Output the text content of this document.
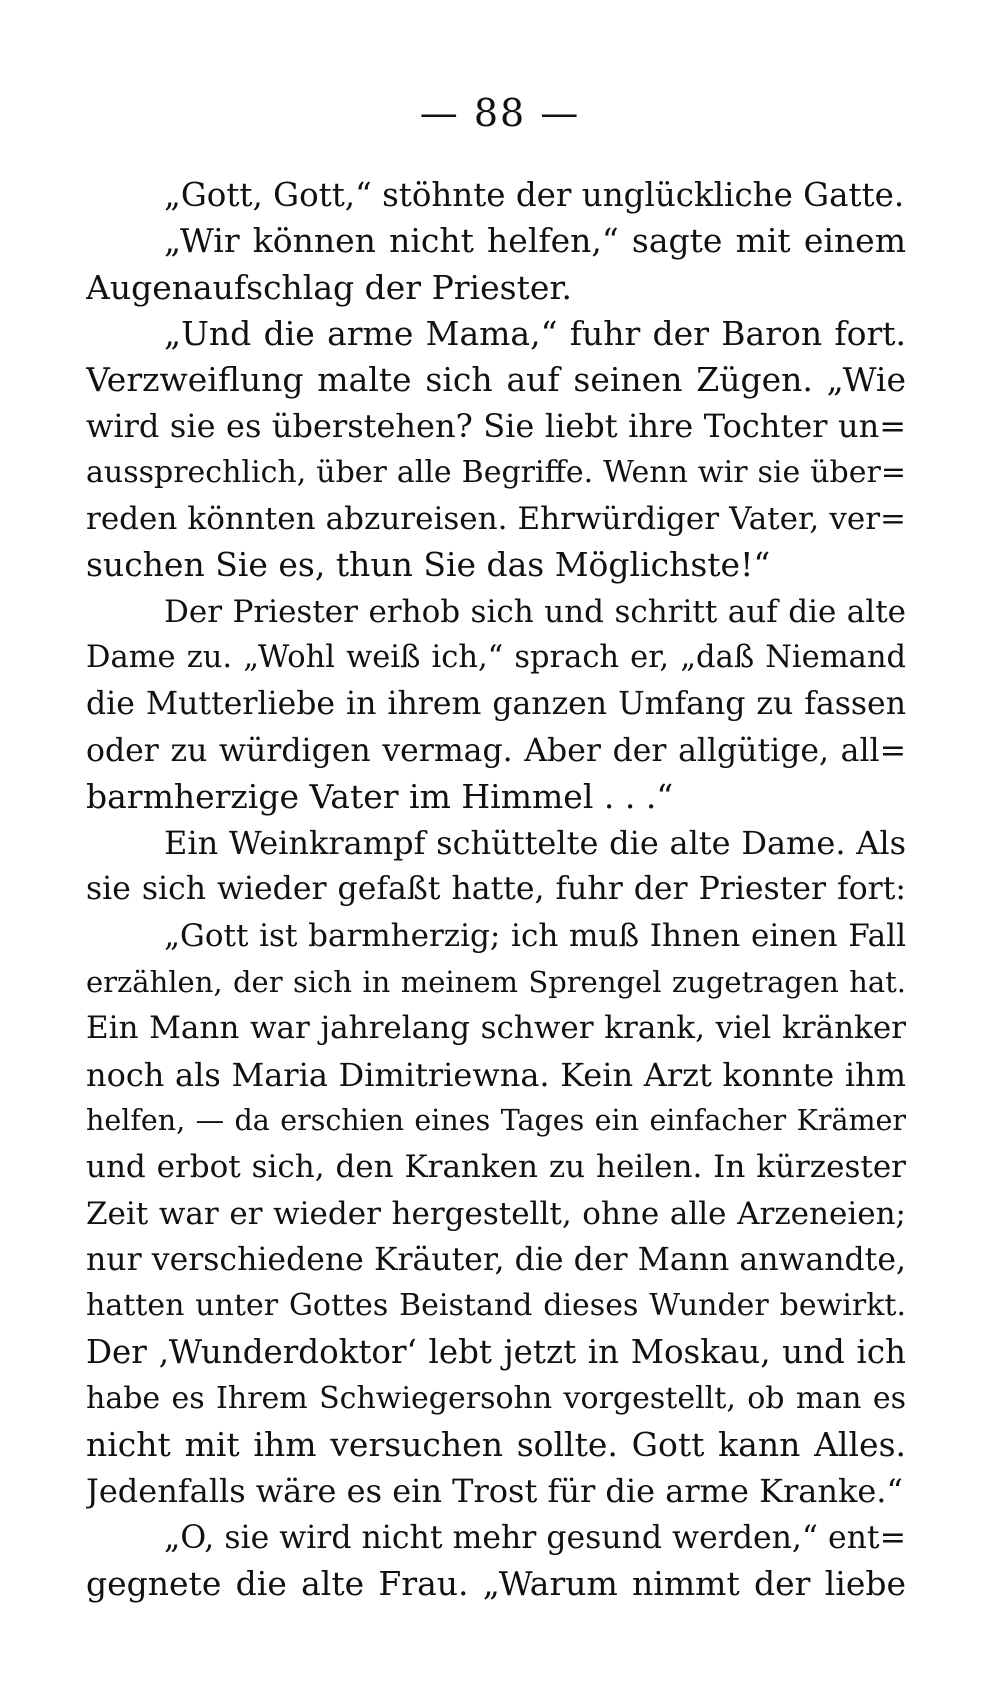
— 88 —
„Gott, Gott,“ stöhnte der unglückliche Gatte.
„Wir können nicht helfen,“ sagte mit einem
Augenaufschlag der Priester.
„Und die arme Mama,“ fuhr der Baron fort.
Verzweiflung malte sich auf seinen Zügen. „Wie
wird sie es überstehen? Sie liebt ihre Tochter un=
aussprechlich, über alle Begriffe. Wenn wir sie über=
reden könnten abzureisen. Ehrwürdiger Vater, ver=
suchen Sie es, thun Sie das Möglichste!“
Der Priester erhob sich und schritt auf die alte
Dame zu. „Wohl weiß ich,“ sprach er, „daß Niemand
die Mutterliebe in ihrem ganzen Umfang zu fassen
oder zu würdigen vermag. Aber der allgütige, all=
barmherzige Vater im Himmel . . .“
Ein Weinkrampf schüttelte die alte Dame. Als
sie sich wieder gefaßt hatte, fuhr der Priester fort:
„Gott ist barmherzig; ich muß Ihnen einen Fall
erzählen, der sich in meinem Sprengel zugetragen hat.
Ein Mann war jahrelang schwer krank, viel kränker
noch als Maria Dimitriewna. Kein Arzt konnte ihm
helfen, — da erschien eines Tages ein einfacher Krämer
und erbot sich, den Kranken zu heilen. In kürzester
Zeit war er wieder hergestellt, ohne alle Arzeneien;
nur verschiedene Kräuter, die der Mann anwandte,
hatten unter Gottes Beistand dieses Wunder bewirkt.
Der ‚Wunderdoktor‘ lebt jetzt in Moskau, und ich
habe es Ihrem Schwiegersohn vorgestellt, ob man es
nicht mit ihm versuchen sollte. Gott kann Alles.
Jedenfalls wäre es ein Trost für die arme Kranke.“
„O, sie wird nicht mehr gesund werden,“ ent=
gegnete die alte Frau. „Warum nimmt der liebe
